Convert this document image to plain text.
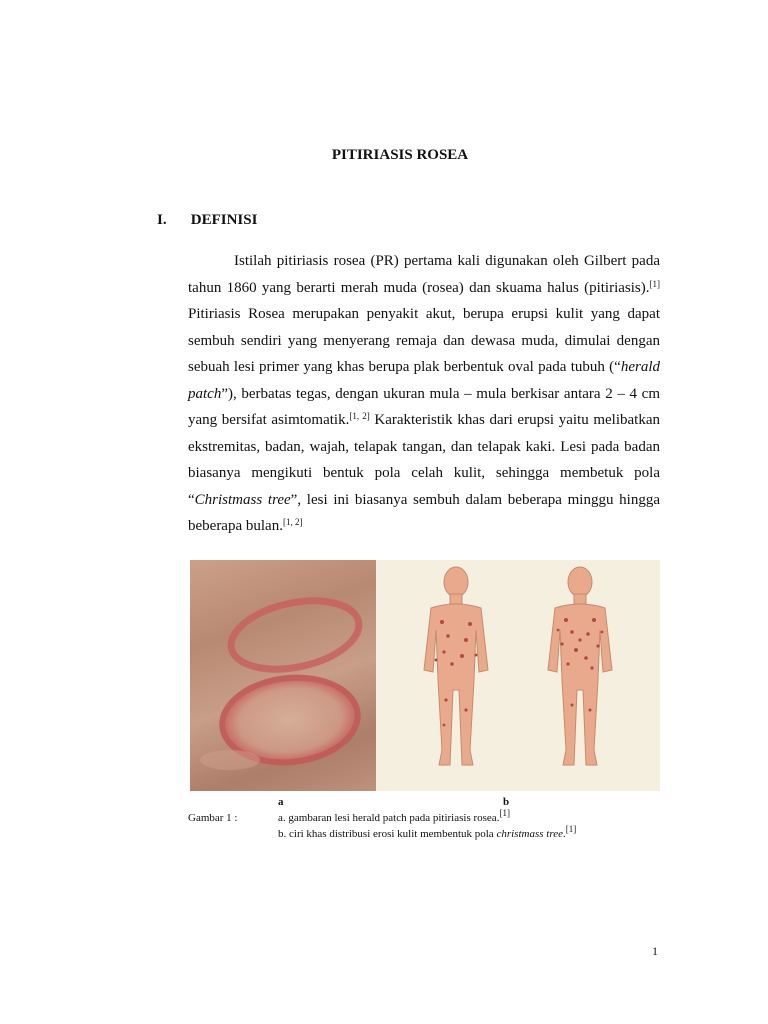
PITIRIASIS ROSEA
I. DEFINISI

Istilah pitiriasis rosea (PR) pertama kali digunakan oleh Gilbert pada tahun 1860 yang berarti merah muda (rosea) dan skuama halus (pitiriasis).[1] Pitiriasis Rosea merupakan penyakit akut, berupa erupsi kulit yang dapat sembuh sendiri yang menyerang remaja dan dewasa muda, dimulai dengan sebuah lesi primer yang khas berupa plak berbentuk oval pada tubuh (“herald patch”), berbatas tegas, dengan ukuran mula – mula berkisar antara 2 – 4 cm yang bersifat asimtomatik.[1, 2] Karakteristik khas dari erupsi yaitu melibatkan ekstremitas, badan, wajah, telapak tangan, dan telapak kaki. Lesi pada badan biasanya mengikuti bentuk pola celah kulit, sehingga membetuk pola “Christmass tree”, lesi ini biasanya sembuh dalam beberapa minggu hingga beberapa bulan.[1, 2]

a	b
Gambar 1 :	a. gambaran lesi herald patch pada pitiriasis rosea.[1]
b. ciri khas distribusi erosi kulit membentuk pola christmass tree.[1]
1
